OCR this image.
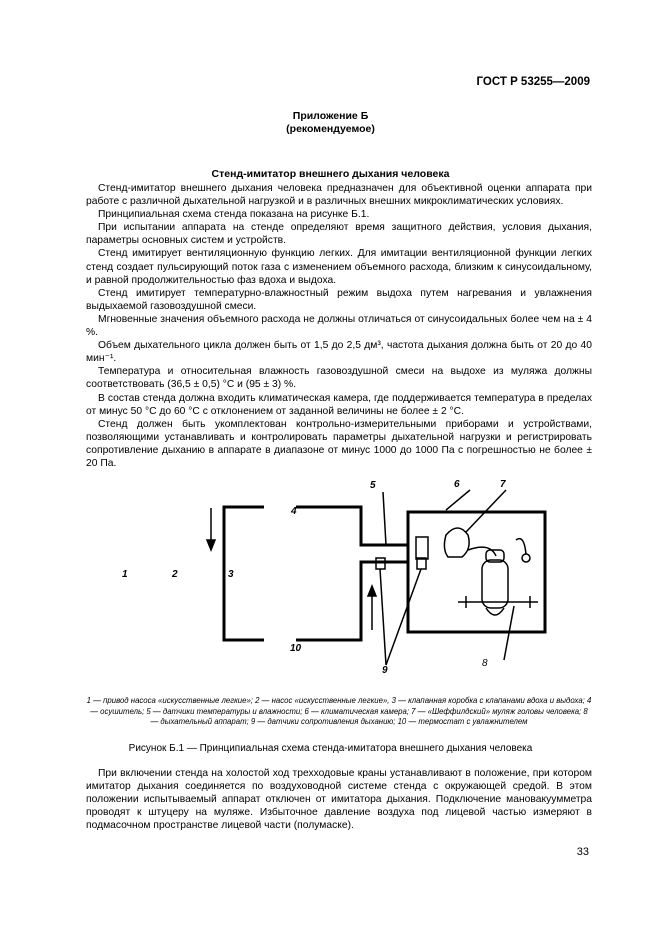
ГОСТ Р 53255—2009
Приложение Б
(рекомендуемое)
Стенд-имитатор внешнего дыхания человека

Стенд-имитатор внешнего дыхания человека предназначен для объективной оценки аппарата при работе с различной дыхательной нагрузкой и в различных внешних микроклиматических условиях.

Принципиальная схема стенда показана на рисунке Б.1.

При испытании аппарата на стенде определяют время защитного действия, условия дыхания, параметры основных систем и устройств.

Стенд имитирует вентиляционную функцию легких. Для имитации вентиляционной функции легких стенд создает пульсирующий поток газа с изменением объемного расхода, близким к синусоидальному, и равной продолжительностью фаз вдоха и выдоха.

Стенд имитирует температурно-влажностный режим выдоха путем нагревания и увлажнения выдыхаемой газовоздушной смеси.

Мгновенные значения объемного расхода не должны отличаться от синусоидальных более чем на ± 4 %.

Объем дыхательного цикла должен быть от 1,5 до 2,5 дм³, частота дыхания должна быть от 20 до 40 мин⁻¹.

Температура и относительная влажность газовоздушной смеси на выдохе из муляжа должны соответствовать (36,5 ± 0,5) °С и (95 ± 3) %.

В состав стенда должна входить климатическая камера, где поддерживается температура в пределах от минус 50 °С до 60 °С с отклонением от заданной величины не более ± 2 °С.

Стенд должен быть укомплектован контрольно-измерительными приборами и устройствами, позволяющими устанавливать и контролировать параметры дыхательной нагрузки и регистрировать сопротивление дыханию в аппарате в диапазоне от минус 1000 до 1000 Па с погрешностью не более ± 20 Па.

1	2	3
4
5	6	7
8
9
10
1 — привод насоса «искусственные легкие»; 2 — насос «искусственные легкие», 3 — клапанная коробка с клапанами вдоха и выдоха; 4 — осушитель; 5 — датчики температуры и влажности; 6 — климатическая камера; 7 — «Шеффилдский» муляж головы человека; 8 — дыхательный аппарат; 9 — датчики сопротивления дыханию; 10 — термостат с увлажнителем
Рисунок Б.1 — Принципиальная схема стенда-имитатора внешнего дыхания человека

При включении стенда на холостой ход трехходовые краны устанавливают в положение, при котором имитатор дыхания соединяется по воздуховодной системе стенда с окружающей средой. В этом положении испытываемый аппарат отключен от имитатора дыхания. Подключение мановакуумметра проводят к штуцеру на муляже. Избыточное давление воздуха под лицевой частью измеряют в подмасочном пространстве лицевой части (полумаске).

33
